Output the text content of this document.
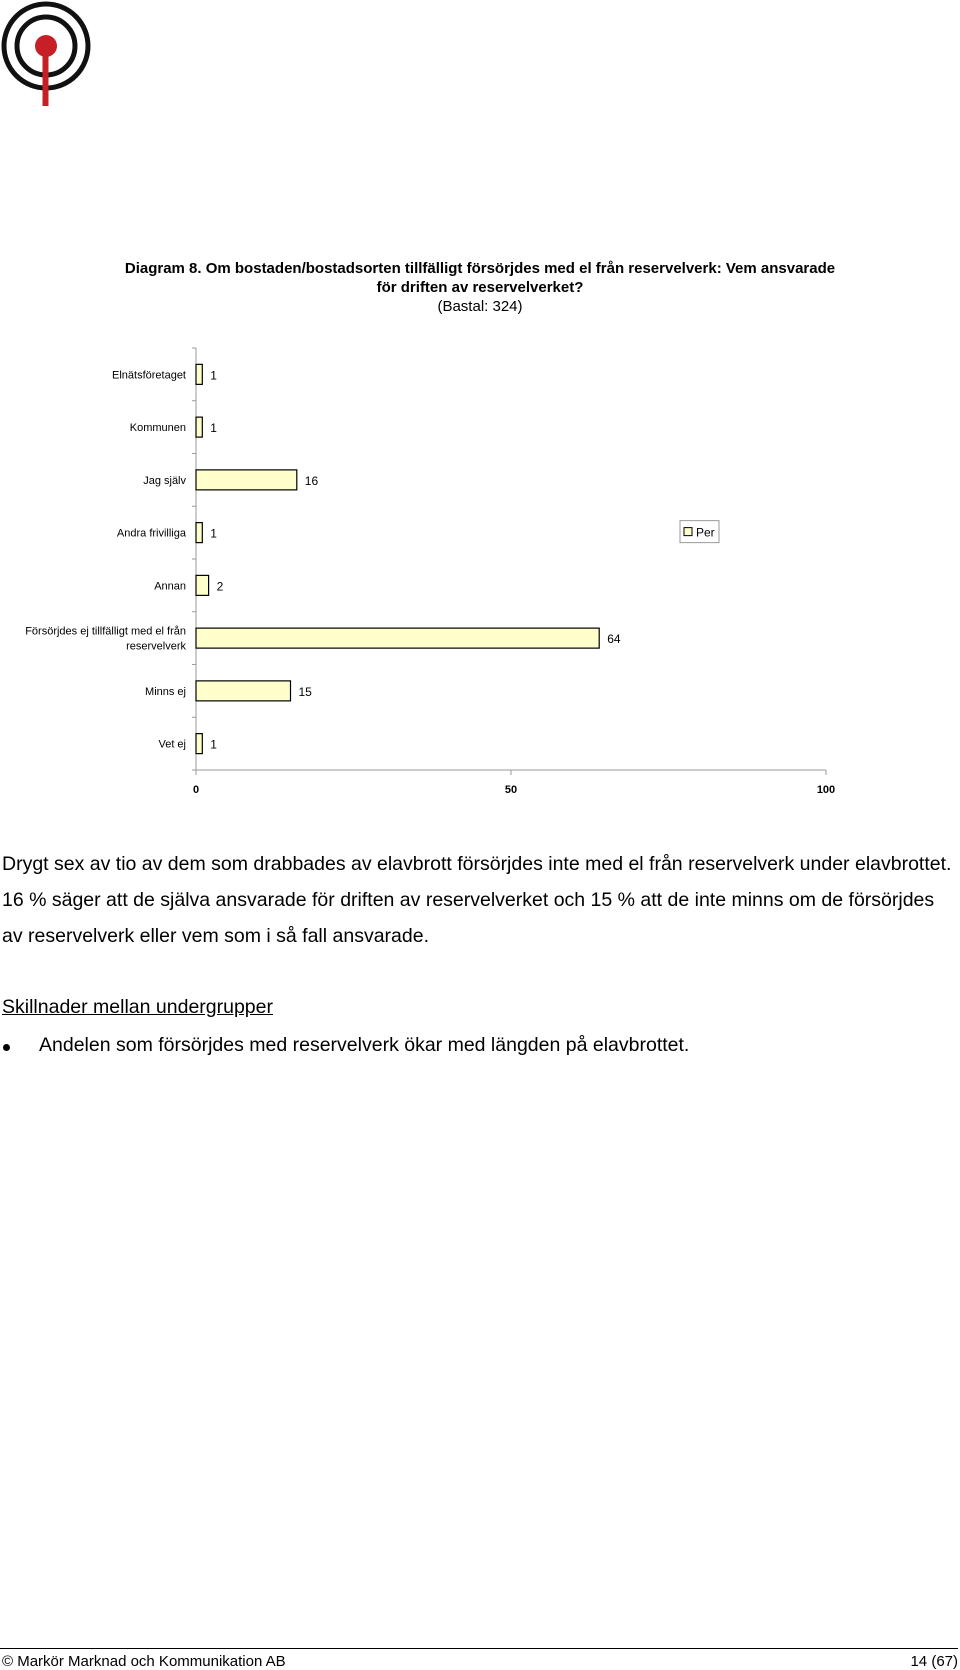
Diagram 8. Om bostaden/bostadsorten tillfälligt försörjdes med el från reservelverk: Vem ansvarade
för driften av reservelverket?
(Bastal: 324)
0	50	100
1
Elnätsföretaget
1
Kommunen
16
Jag själv
1
Andra frivilliga
2
Annan
64
Försörjdes ej tillfälligt med el från
reservelverk
15
Minns ej
1
Vet ej
Per
Drygt sex av tio av dem som drabbades av elavbrott försörjdes inte med el från reservelverk under elavbrottet. 16 % säger att de själva ansvarade för driften av reservelverket och 15 % att de inte minns om de försörjdes av reservelverk eller vem som i så fall ansvarade.
Skillnader mellan undergrupper
Andelen som försörjdes med reservelverk ökar med längden på elavbrottet.
© Markör Marknad och Kommunikation AB	14 (67)
